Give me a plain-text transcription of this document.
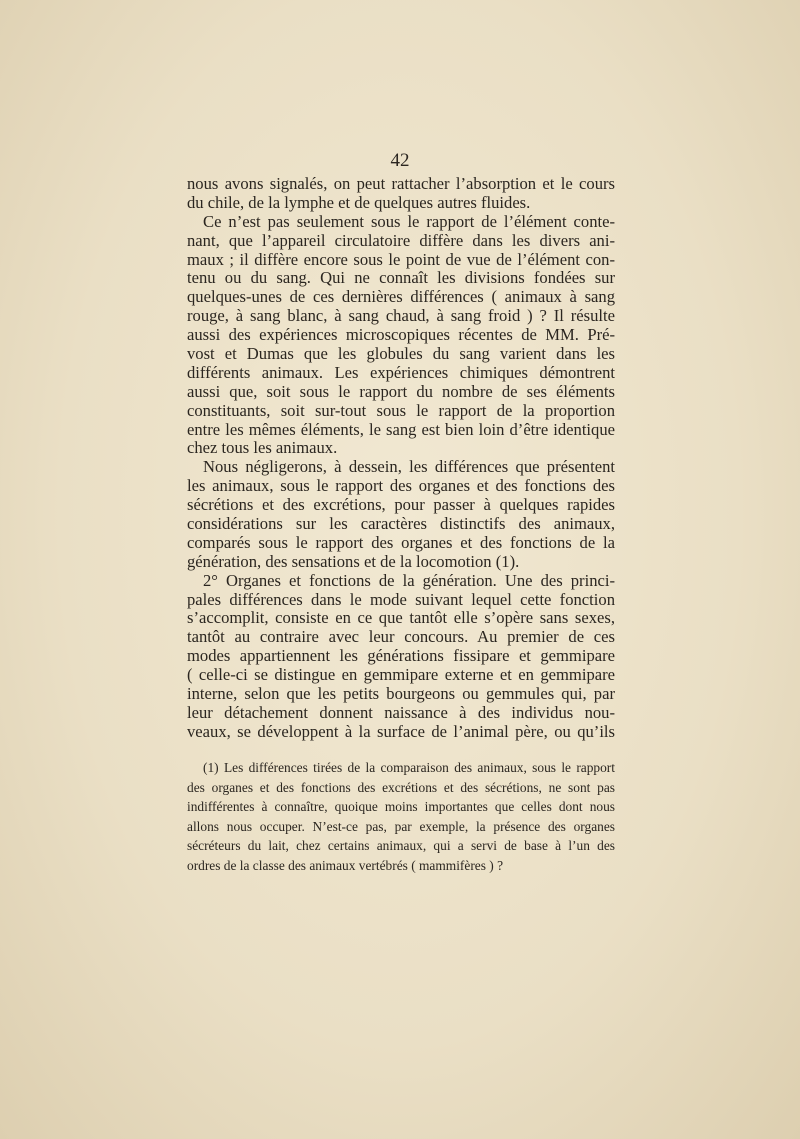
42
nous avons signalés, on peut rattacher l’absorption et le cours
du chile, de la lymphe et de quelques autres fluides.
Ce n’est pas seulement sous le rapport de l’élément conte-
nant, que l’appareil circulatoire diffère dans les divers ani-
maux ; il diffère encore sous le point de vue de l’élément con-
tenu ou du sang. Qui ne connaît les divisions fondées sur
quelques-unes de ces dernières différences ( animaux à sang
rouge, à sang blanc, à sang chaud, à sang froid ) ? Il résulte
aussi des expériences microscopiques récentes de MM. Pré-
vost et Dumas que les globules du sang varient dans les
différents animaux. Les expériences chimiques démontrent
aussi que, soit sous le rapport du nombre de ses éléments
constituants, soit sur-tout sous le rapport de la proportion
entre les mêmes éléments, le sang est bien loin d’être identique
chez tous les animaux.
Nous négligerons, à dessein, les différences que présentent
les animaux, sous le rapport des organes et des fonctions des
sécrétions et des excrétions, pour passer à quelques rapides
considérations sur les caractères distinctifs des animaux,
comparés sous le rapport des organes et des fonctions de la
génération, des sensations et de la locomotion (1).
2° Organes et fonctions de la génération. Une des princi-
pales différences dans le mode suivant lequel cette fonction
s’accomplit, consiste en ce que tantôt elle s’opère sans sexes,
tantôt au contraire avec leur concours. Au premier de ces
modes appartiennent les générations fissipare et gemmipare
( celle-ci se distingue en gemmipare externe et en gemmipare
interne, selon que les petits bourgeons ou gemmules qui, par
leur détachement donnent naissance à des individus nou-
veaux, se développent à la surface de l’animal père, ou qu’ils
(1) Les différences tirées de la comparaison des animaux, sous le rapport
des organes et des fonctions des excrétions et des sécrétions, ne sont pas
indifférentes à connaître, quoique moins importantes que celles dont nous
allons nous occuper. N’est-ce pas, par exemple, la présence des organes
sécréteurs du lait, chez certains animaux, qui a servi de base à l’un des
ordres de la classe des animaux vertébrés ( mammifères ) ?
